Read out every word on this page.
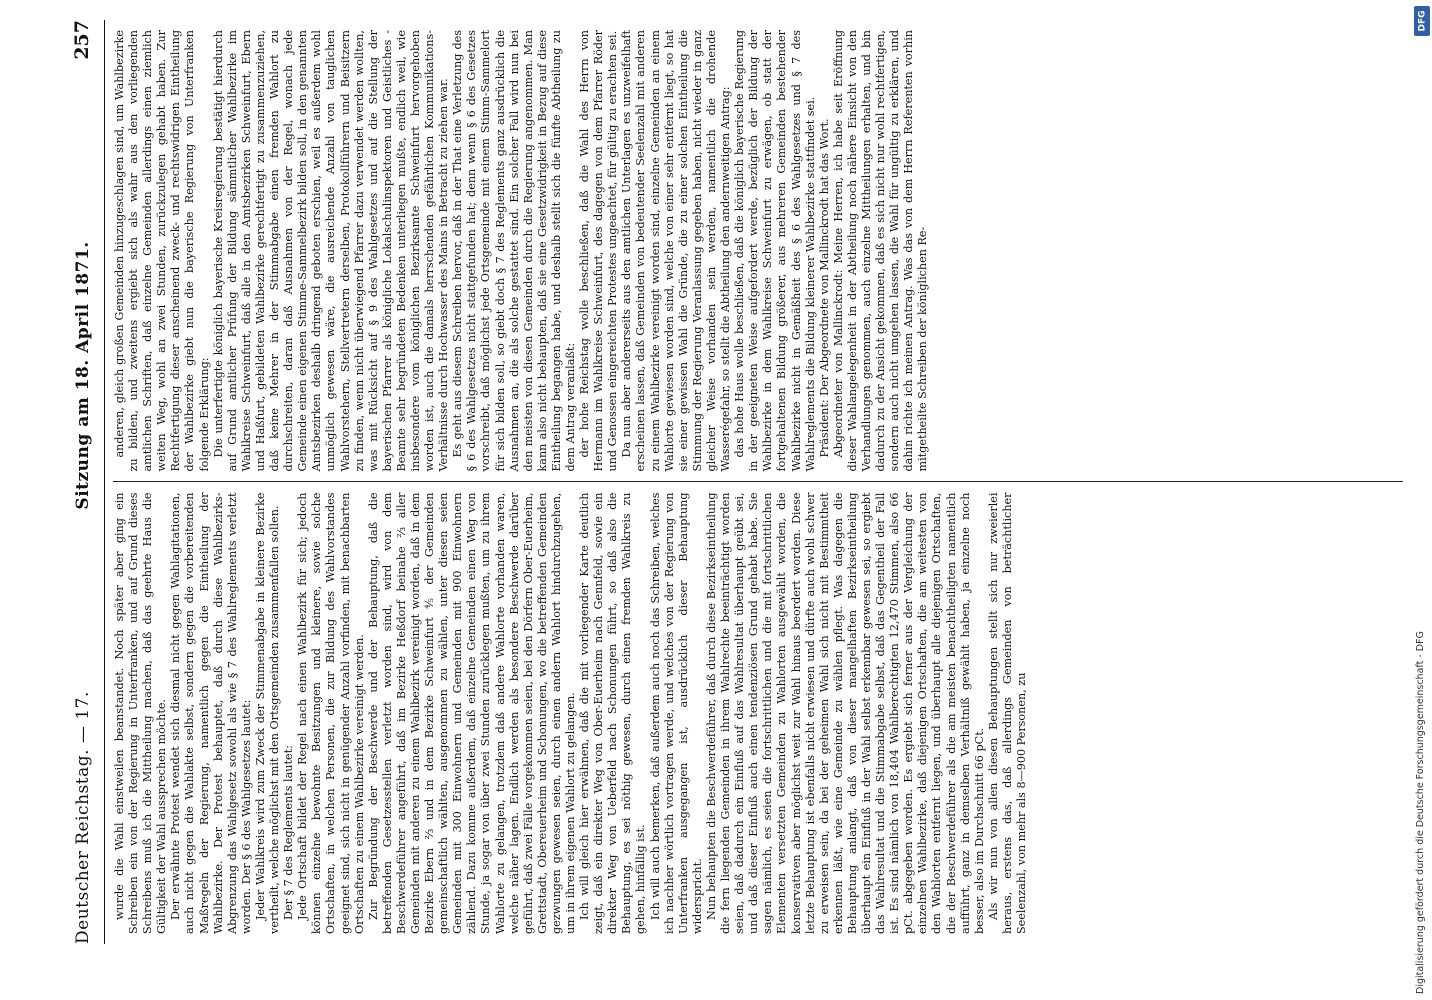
Deutscher Reichstag. — 17.
Sitzung am 18. April 1871.
257

wurde die Wahl einstweilen beanstandet. Noch später aber ging ein Schreiben ein von der Regierung in Unterfranken, und auf Grund dieses Schreibens muß ich die Mittheilung machen, daß das geehrte Haus die Gültigkeit der Wahl aussprechen möchte. Der erwähnte Protest wendet sich diesmal nicht gegen Wahlagitationen, auch nicht gegen die Wahlakte selbst, sondern gegen die vorbereitenden Maßregeln der Regierung, namentlich gegen die Eintheilung der Wahlbezirke. Der Protest behauptet, daß durch diese Wahlbezirks-Abgrenzung das Wahlgesetz sowohl als wie § 7 des Wahlreglements verletzt worden. Der § 6 des Wahlgesetzes lautet: Jeder Wahlkreis wird zum Zweck der Stimmenabgabe in kleinere Bezirke vertheilt, welche möglichst mit den Ortsgemeinden zusammenfallen sollen. Der § 7 des Reglements lautet: Jede Ortschaft bildet der Regel nach einen Wahlbezirk für sich; jedoch können einzelne bewohnte Besitzungen und kleinere, sowie solche Ortschaften, in welchen Personen, die zur Bildung des Wahlvorstandes geeignet sind, sich nicht in genügender Anzahl vorfinden, mit benachbarten Ortschaften zu einem Wahlbezirke vereinigt werden. Zur Begründung der Beschwerde und der Behauptung, daß die betreffenden Gesetzesstellen verletzt worden sind, wird von dem Beschwerdeführer angeführt, daß im Bezirke Heßdorf beinahe ⅔ aller Gemeinden mit anderen zu einem Wahlbezirk vereinigt worden, daß in dem Bezirke Ebern ⅔ und in dem Bezirke Schweinfurt ⅘ der Gemeinden gemeinschaftlich wählten, ausgenommen zu wählen, unter diesen seien Gemeinden mit 300 Einwohnern und Gemeinden mit 900 Einwohnern zählend. Dazu komme außerdem, daß einzelne Gemeinden einen Weg von Stunde, ja sogar von über zwei Stunden zurücklegen mußten, um zu ihrem Wahlorte zu gelangen, trotzdem daß andere Wahlorte vorhanden waren, welche näher lagen. Endlich werden als besondere Beschwerde darüber geführt, daß zwei Fälle vorgekommen seien, bei den Dörfern Ober-Euerheim, Grettstadt, Obereuerheim und Schonungen, wo die betreffenden Gemeinden gezwungen gewesen seien, durch einen andern Wahlort hindurchzugehen, um in ihrem eigenen Wahlort zu gelangen. Ich will gleich hier erwähnen, daß die mit vorliegender Karte deutlich zeigt, daß ein direkter Weg von Ober-Euerheim nach Gennfeld, sowie ein direkter Weg von Ueberfeld nach Schonungen führt, so daß also die Behauptung, es sei nöthig gewesen, durch einen fremden Wahlkreis zu gehen, hinfällig ist. Ich will auch bemerken, daß außerdem auch noch das Schreiben, welches ich nachher wörtlich vortragen werde, und welches von der Regierung von Unterfranken ausgegangen ist, ausdrücklich dieser Behauptung widerspricht. Nun behaupten die Beschwerdeführer, daß durch diese Bezirkseintheilung die fern liegenden Gemeinden in ihrem Wahlrechte beeinträchtigt worden seien, daß dadurch ein Einfluß auf das Wahlresultat überhaupt geübt sei, und daß dieser Einfluß auch einen tendenziösen Grund gehabt habe. Sie sagen nämlich, es seien die fortschrittlichen und die mit fortschrittlichen Elementen versetzten Gemeinden zu Wahlorten ausgewählt worden, die konservativen aber möglichst weit zur Wahl hinaus beordert worden. Diese letzte Behauptung ist ebenfalls nicht erwiesen und dürfte auch wohl schwer zu erweisen sein, da bei der geheimen Wahl sich nicht mit Bestimmtheit erkennen läßt, wie eine Gemeinde zu wählen pflegt. Was dagegen die Behauptung anlangt, daß von dieser mangelhaften Bezirkseintheilung überhaupt ein Einfluß in der Wahl selbst erkennbar gewesen sei, so ergiebt das Wahlresultat und die Stimmabgabe selbst, daß das Gegentheil der Fall ist. Es sind nämlich von 18,404 Wahlberechtigten 12,470 Stimmen, also 66 pCt. abgegeben worden. Es ergiebt sich ferner aus der Vergleichung der einzelnen Wahlbezirke, daß diejenigen Ortschaften, die am weitesten von den Wahlorten entfernt liegen, und überhaupt alle diejenigen Ortschaften, die der Beschwerdeführer als die am meisten benachtheiligten namentlich aufführt, ganz in demselben Verhältniß gewählt haben, ja einzelne noch besser, also im Durchschnitt 66 pCt. Als wir nun von allen diesen Behauptungen stellt sich nur zweierlei heraus, erstens das, daß allerdings Gemeinden von beträchtlicher Seelenzahl, von mehr als 8—900 Personen, zu

anderen, gleich großen Gemeinden hinzugeschlagen sind, um Wahlbezirke zu bilden, und zweitens ergiebt sich als wahr aus den vorliegenden amtlichen Schriften, daß einzelne Gemeinden allerdings einen ziemlich weiten Weg, wohl an zwei Stunden, zurückzulegen gehabt haben. Zur Rechtfertigung dieser anscheinend zweck- und rechtswidrigen Eintheilung der Wahlbezirke giebt nun die bayerische Regierung von Unterfranken folgende Erklärung: Die unterfertigte königlich bayerische Kreisregierung bestätigt hierdurch auf Grund amtlicher Prüfung der Bildung sämmtlicher Wahlbezirke im Wahlkreise Schweinfurt, daß alle in den Amtsbezirken Schweinfurt, Ebern und Haßfurt, gebildeten Wahlbezirke gerechtfertigt zu zusammenzuziehen, daß keine Mehrer in der Stimmabgabe einen fremden Wahlort zu durchschreiten, daran daß Ausnahmen von der Regel, wonach jede Gemeinde einen eigenen Stimme-Sammelbezirk bilden soll, in den genannten Amtsbezirken deshalb dringend geboten erschien, weil es außerdem wohl unmöglich gewesen wäre, die ausreichende Anzahl von tauglichen Wahlvorstehern, Stellvertretern derselben, Protokollführern und Beisitzern zu finden, wenn nicht überwiegend Pfarrer dazu verwendet werden wollten, was mit Rücksicht auf § 9 des Wahlgesetzes und auf die Stellung der bayerischen Pfarrer als königliche Lokalschulinspektoren und Geistliches - Beamte sehr begründeten Bedenken unterliegen mußte, endlich weil, wie insbesondere vom königlichen Bezirksamte Schweinfurt hervorgehoben worden ist, auch die damals herrschenden gefährlichen Kommunikations-Verhältnisse durch Hochwasser des Mains in Betracht zu ziehen war. Es geht aus diesem Schreiben hervor, daß in der That eine Verletzung des § 6 des Wahlgesetzes nicht stattgefunden hat; denn wenn § 6 des Gesetzes vorschreibt, daß möglichst jede Ortsgemeinde mit einem Stimm-Sammelort für sich bilden soll, so giebt doch § 7 des Reglements ganz ausdrücklich die Ausnahmen an, die als solche gestattet sind. Ein solcher Fall wird nun bei den meisten von diesen Gemeinden durch die Regierung angenommen. Man kann also nicht behaupten, daß sie eine Gesetzwidrigkeit in Bezug auf diese Eintheilung begangen habe, und deshalb stellt sich die fünfte Abtheilung zu dem Antrag veranlaßt: der hohe Reichstag wolle beschließen, daß die Wahl des Herrn von Hermann im Wahlkreise Schweinfurt, des dagegen von dem Pfarrer Röder und Genossen eingereichten Protestes ungeachtet, für gültig zu erachten sei. Da nun aber andererseits aus den amtlichen Unterlagen es unzweifelhaft erscheinen lassen, daß Gemeinden von bedeutender Seelenzahl mit anderen zu einem Wahlbezirke vereinigt worden sind, einzelne Gemeinden an einem Wahlorte gewiesen worden sind, welche von einer sehr entfernt liegt, so hat sie einer gewissen Wahl die Gründe, die zu einer solchen Eintheilung die Stimmung der Regierung Veranlassung gegeben haben, nicht wieder in ganz gleicher Weise vorhanden sein werden, namentlich die drohende Wasserégefahr, so stellt die Abtheilung den andernweitigen Antrag: das hohe Haus wolle beschließen, daß die königlich bayerische Regierung in der geeigneten Weise aufgefordert werde, bezüglich der Bildung der Wahlbezirke in dem Wahlkreise Schweinfurt zu erwägen, ob statt der fortgehaltenen Bildung größerer, aus mehreren Gemeinden bestehender Wahlbezirke nicht in Gemäßheit des § 6 des Wahlgesetzes und § 7 des Wahlreglements die Bildung kleinerer Wahlbezirke stattfindet sei. Präsident: Der Abgeordnete von Mallinckrodt hat das Wort. Abgeordneter von Mallinckrodt: Meine Herren, ich habe seit Eröffnung dieser Wahlangelegenheit in der Abtheilung noch nähere Einsicht von den Verhandlungen genommen, auch einzelne Mittheilungen erhalten, und bin dadurch zu der Ansicht gekommen, daß es sich nicht nur wohl rechtfertigen, sondern auch nicht umgehen lassen, die Wahl für ungültig zu erklären, und dahin richte ich meinen Antrag. Was das von dem Herrn Referenten vorhin mitgetheilte Schreiben der königlichen Re-

Digitalisierung gefördert durch die Deutsche Forschungsgemeinschaft - DFG
DFG
